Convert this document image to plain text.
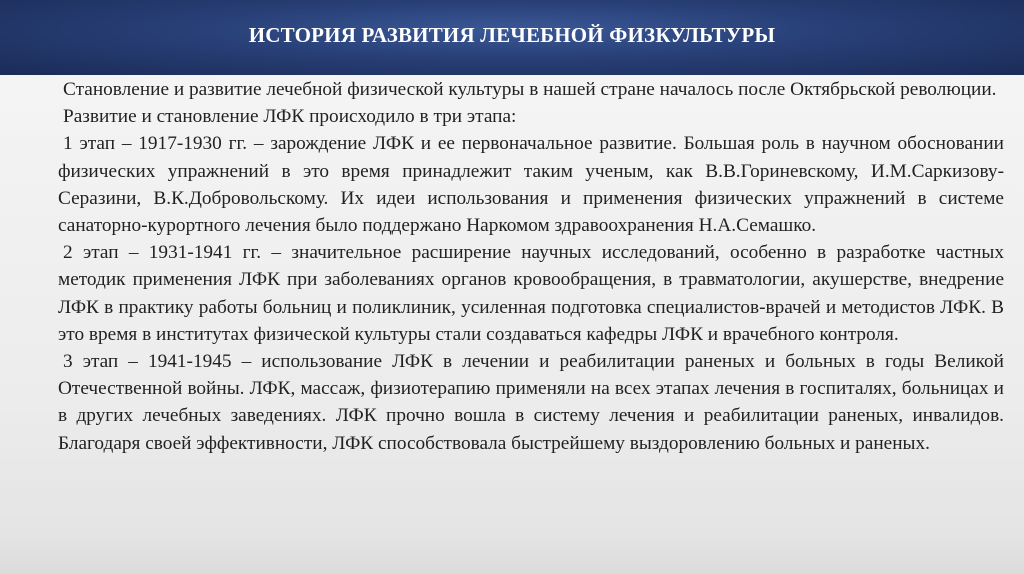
ИСТОРИЯ РАЗВИТИЯ ЛЕЧЕБНОЙ ФИЗКУЛЬТУРЫ

Становление и развитие лечебной физической культуры в нашей стране началось после Октябрьской революции.

Развитие и становление ЛФК происходило в три этапа:

1 этап – 1917-1930 гг. – зарождение ЛФК и ее первоначальное развитие. Большая роль в научном обосновании физических упражнений в это время принадлежит таким ученым, как В.В.Гориневскому, И.М.Саркизову-Серазини, В.К.Добровольскому. Их идеи использования и применения физических упражнений в системе санаторно-курортного лечения было поддержано Наркомом здравоохранения Н.А.Семашко.

2 этап – 1931-1941 гг. – значительное расширение научных исследований, особенно в разработке частных методик применения ЛФК при заболеваниях органов кровообращения, в травматологии, акушерстве, внедрение ЛФК в практику работы больниц и поликлиник, усиленная подготовка специалистов-врачей и методистов ЛФК. В это время в институтах физической культуры стали создаваться кафедры ЛФК и врачебного контроля.

3 этап – 1941-1945 – использование ЛФК в лечении и реабилитации раненых и больных в годы Великой Отечественной войны. ЛФК, массаж, физиотерапию применяли на всех этапах лечения в госпиталях, больницах и в других лечебных заведениях. ЛФК прочно вошла в систему лечения и реабилитации раненых, инвалидов. Благодаря своей эффективности, ЛФК способствовала быстрейшему выздоровлению больных и раненых.
